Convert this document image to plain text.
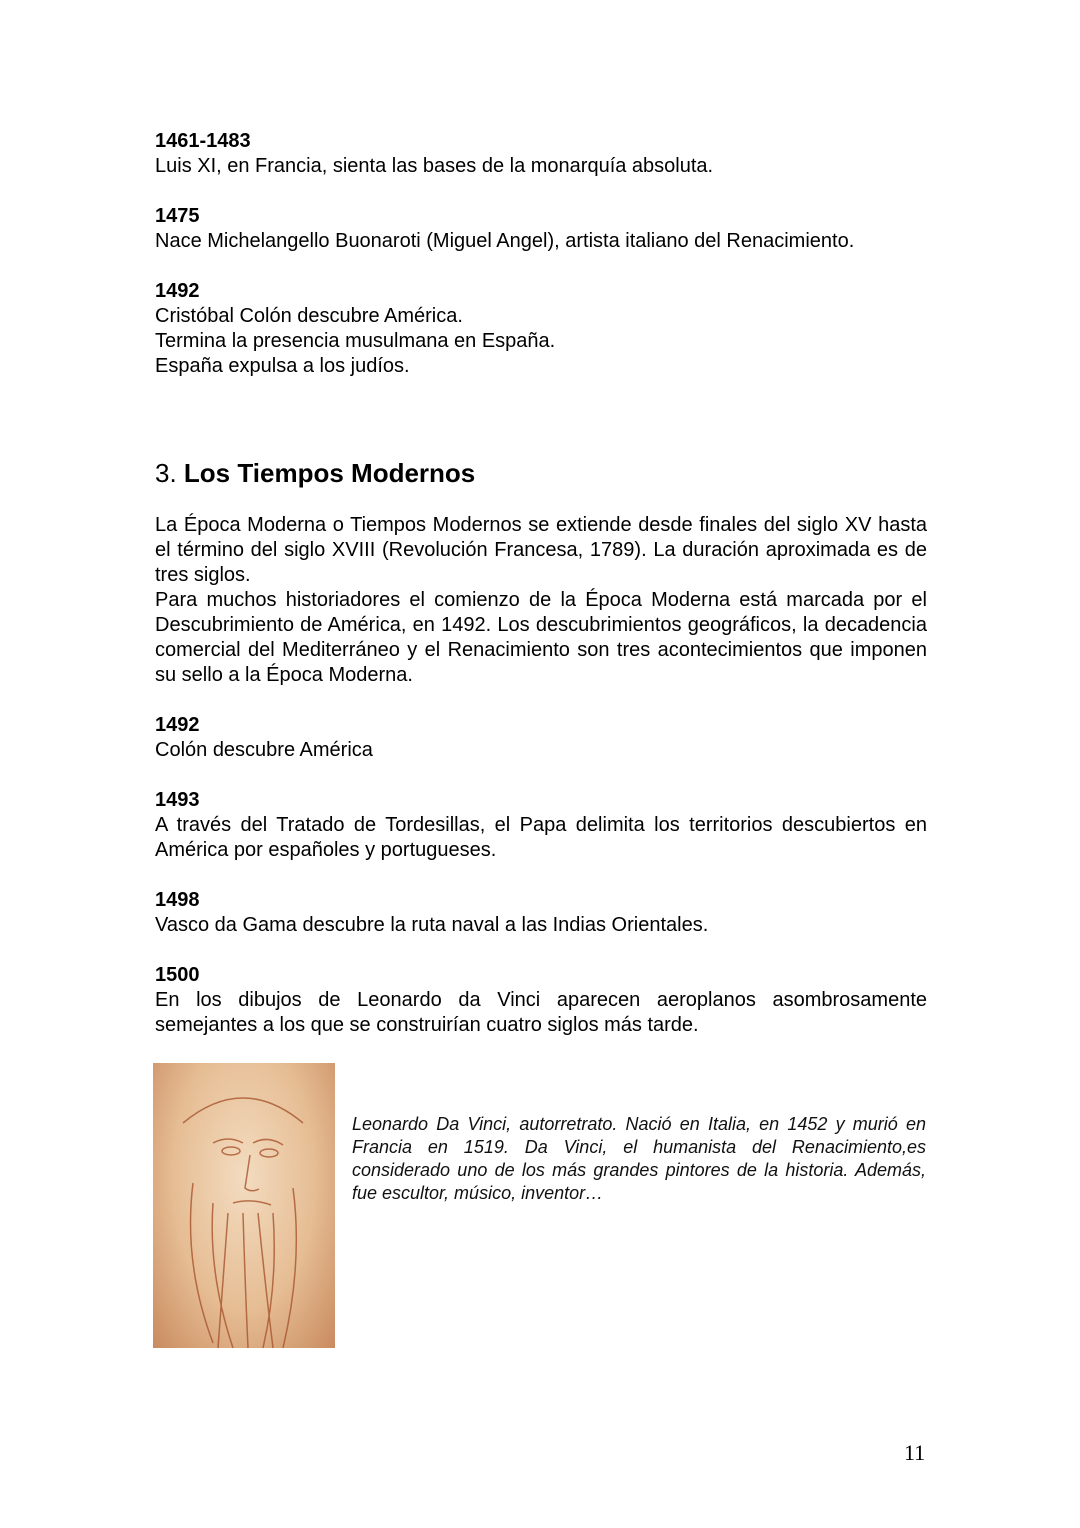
1461-1483
Luis XI, en Francia, sienta las bases de la monarquía absoluta.
1475
Nace Michelangello Buonaroti (Miguel Angel), artista italiano del Renacimiento.
1492
Cristóbal Colón descubre América.
Termina la presencia musulmana en España.
España expulsa a los judíos.
3. Los Tiempos Modernos
La Época Moderna o Tiempos Modernos se extiende desde finales del siglo XV hasta el término del siglo XVIII (Revolución Francesa, 1789). La duración aproximada es de tres siglos.
Para muchos historiadores el comienzo de la Época Moderna está marcada por el Descubrimiento de América, en 1492. Los descubrimientos geográficos, la decadencia comercial del Mediterráneo y el Renacimiento son tres acontecimientos que imponen su sello a la Época Moderna.
1492
Colón descubre América
1493
A través del Tratado de Tordesillas, el Papa delimita los territorios descubiertos en América por españoles y portugueses.
1498
Vasco da Gama descubre la ruta naval a las Indias Orientales.
1500
En los dibujos de Leonardo da Vinci aparecen aeroplanos asombrosamente semejantes a los que se construirían cuatro siglos más tarde.
Leonardo Da Vinci, autorretrato. Nació en Italia, en 1452 y murió en Francia en 1519. Da Vinci, el humanista del Renacimiento,es considerado uno de los más grandes pintores de la historia. Además, fue escultor, músico, inventor…
11
